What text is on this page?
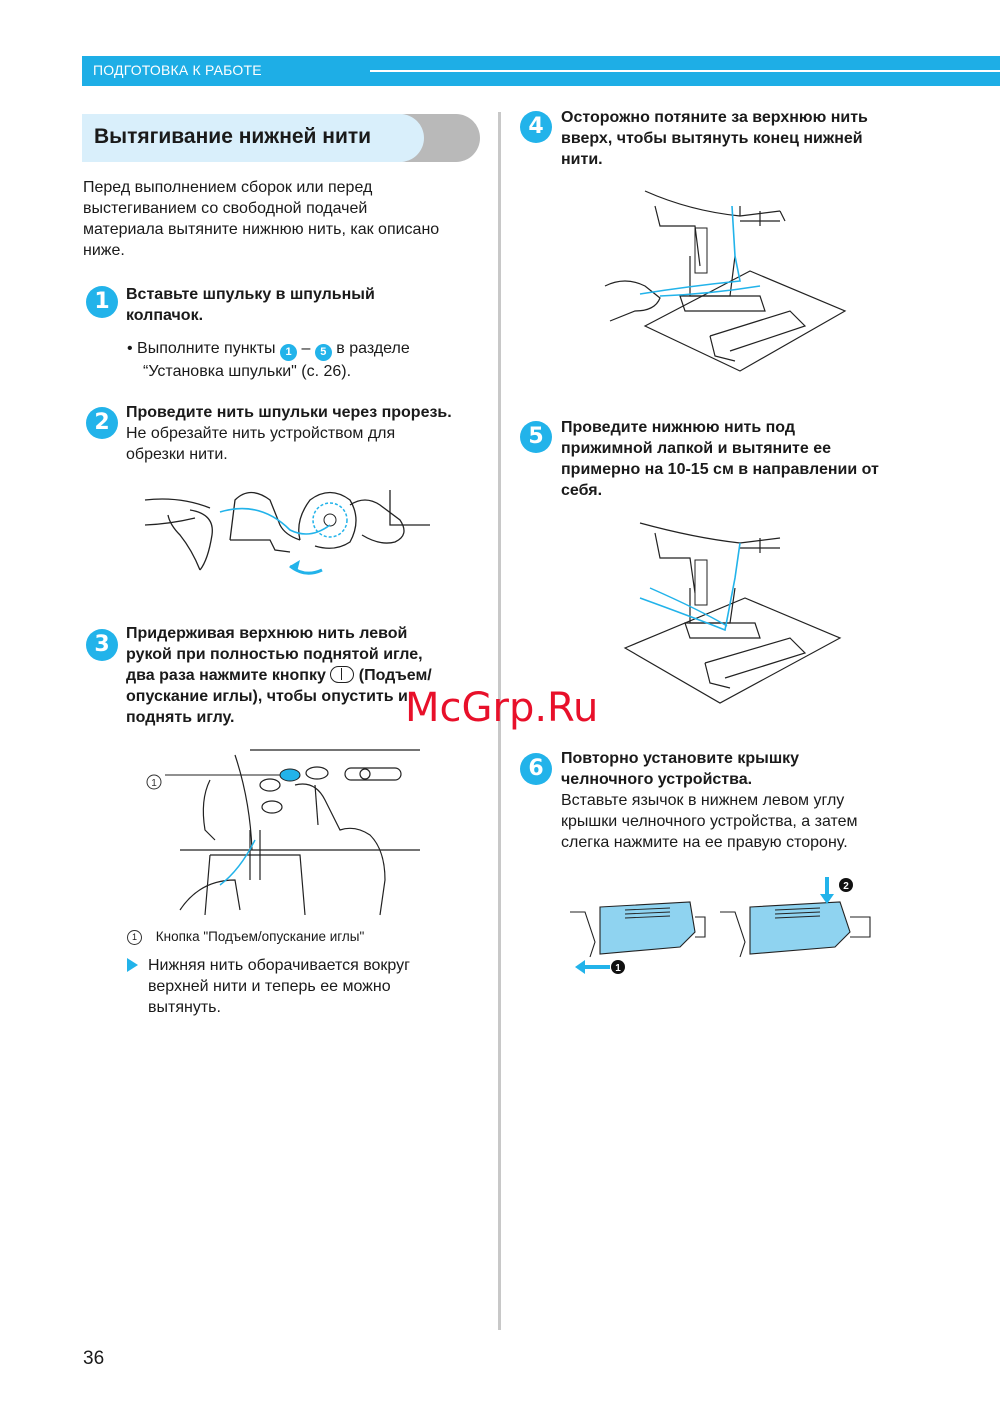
ПОДГОТОВКА К РАБОТЕ
Вытягивание нижней нити
Перед выполнением сборок или перед
выстегиванием со свободной подачей
материала вытяните нижнюю нить, как описано
ниже.
1	Вставьте шпульку в шпульный
колпачок.
• Выполните пункты 1 – 5 в разделе
“Установка шпульки" (с. 26).
2	Проведите нить шпульки через прорезь.
Не обрезайте нить устройством для
обрезки нити.
3	Придерживая верхнюю нить левой
рукой при полностью поднятой игле,
два раза нажмите кнопку (Подъем/
опускание иглы), чтобы опустить и
поднять иглу.
1
1 Кнопка "Подъем/опускание иглы"
Нижняя нить оборачивается вокруг
верхней нити и теперь ее можно
вытянуть.
4	Осторожно потяните за верхнюю нить
вверх, чтобы вытянуть конец нижней
нити.
5	Проведите нижнюю нить под
прижимной лапкой и вытяните ее
примерно на 10-15 см в направлении от
себя.
McGrp.Ru
6	Повторно установите крышку
челночного устройства.
Вставьте язычок в нижнем левом углу
крышки челночного устройства, а затем
слегка нажмите на ее правую сторону.
1
2
36
